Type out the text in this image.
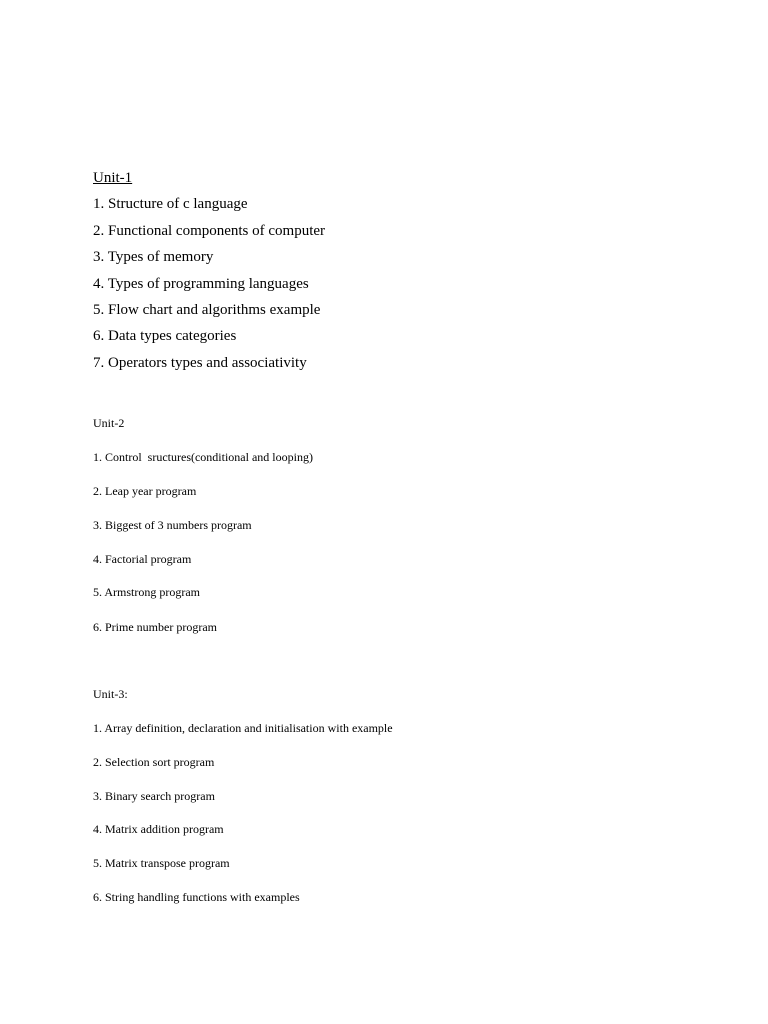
Unit-1
1. Structure of c language
2. Functional components of computer
3. Types of memory
4. Types of programming languages
5. Flow chart and algorithms example
6. Data types categories
7. Operators types and associativity
Unit-2
1. Control  sructures(conditional and looping)
2. Leap year program
3. Biggest of 3 numbers program
4. Factorial program
5. Armstrong program
6. Prime number program
Unit-3:
1. Array definition, declaration and initialisation with example
2. Selection sort program
3. Binary search program
4. Matrix addition program
5. Matrix transpose program
6. String handling functions with examples
